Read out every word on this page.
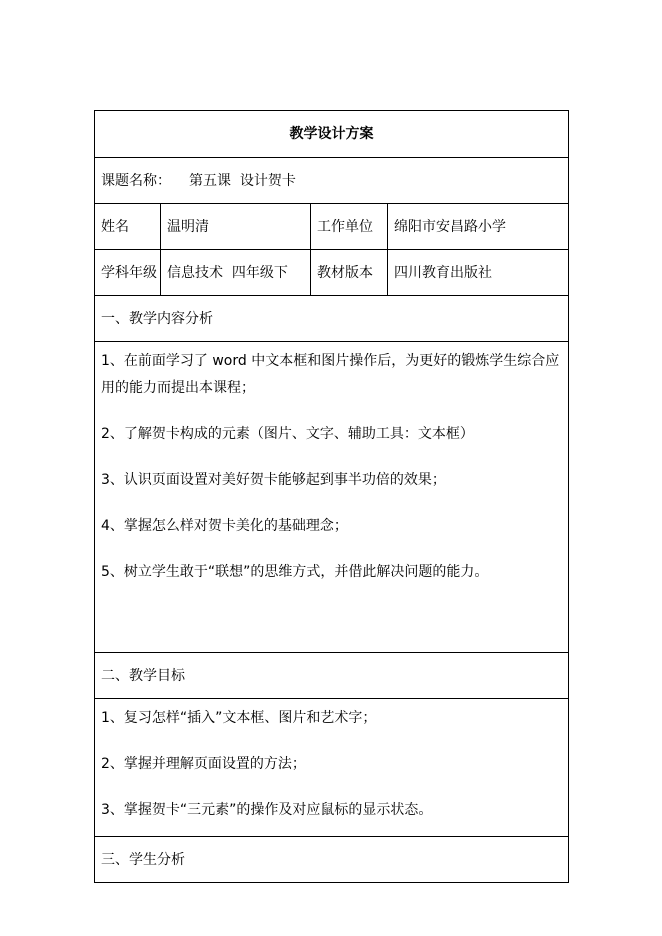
教学设计方案			
课题名称： 第五课  设计贺卡			
姓名	温明清	工作单位	绵阳市安昌路小学
学科年级	信息技术  四年级下	教材版本	四川教育出版社
一、教学内容分析			

1、在前面学习了 word 中文本框和图片操作后，为更好的锻炼学生综合应用的能力而提出本课程；

2、了解贺卡构成的元素（图片、文字、辅助工具：文本框）

3、认识页面设置对美好贺卡能够起到事半功倍的效果；

4、掌握怎么样对贺卡美化的基础理念；

5、树立学生敢于“联想”的思维方式，并借此解决问题的能力。			

二、教学目标			

1、复习怎样“插入”文本框、图片和艺术字；

2、掌握并理解页面设置的方法；

3、掌握贺卡“三元素”的操作及对应鼠标的显示状态。			

三、学生分析			
